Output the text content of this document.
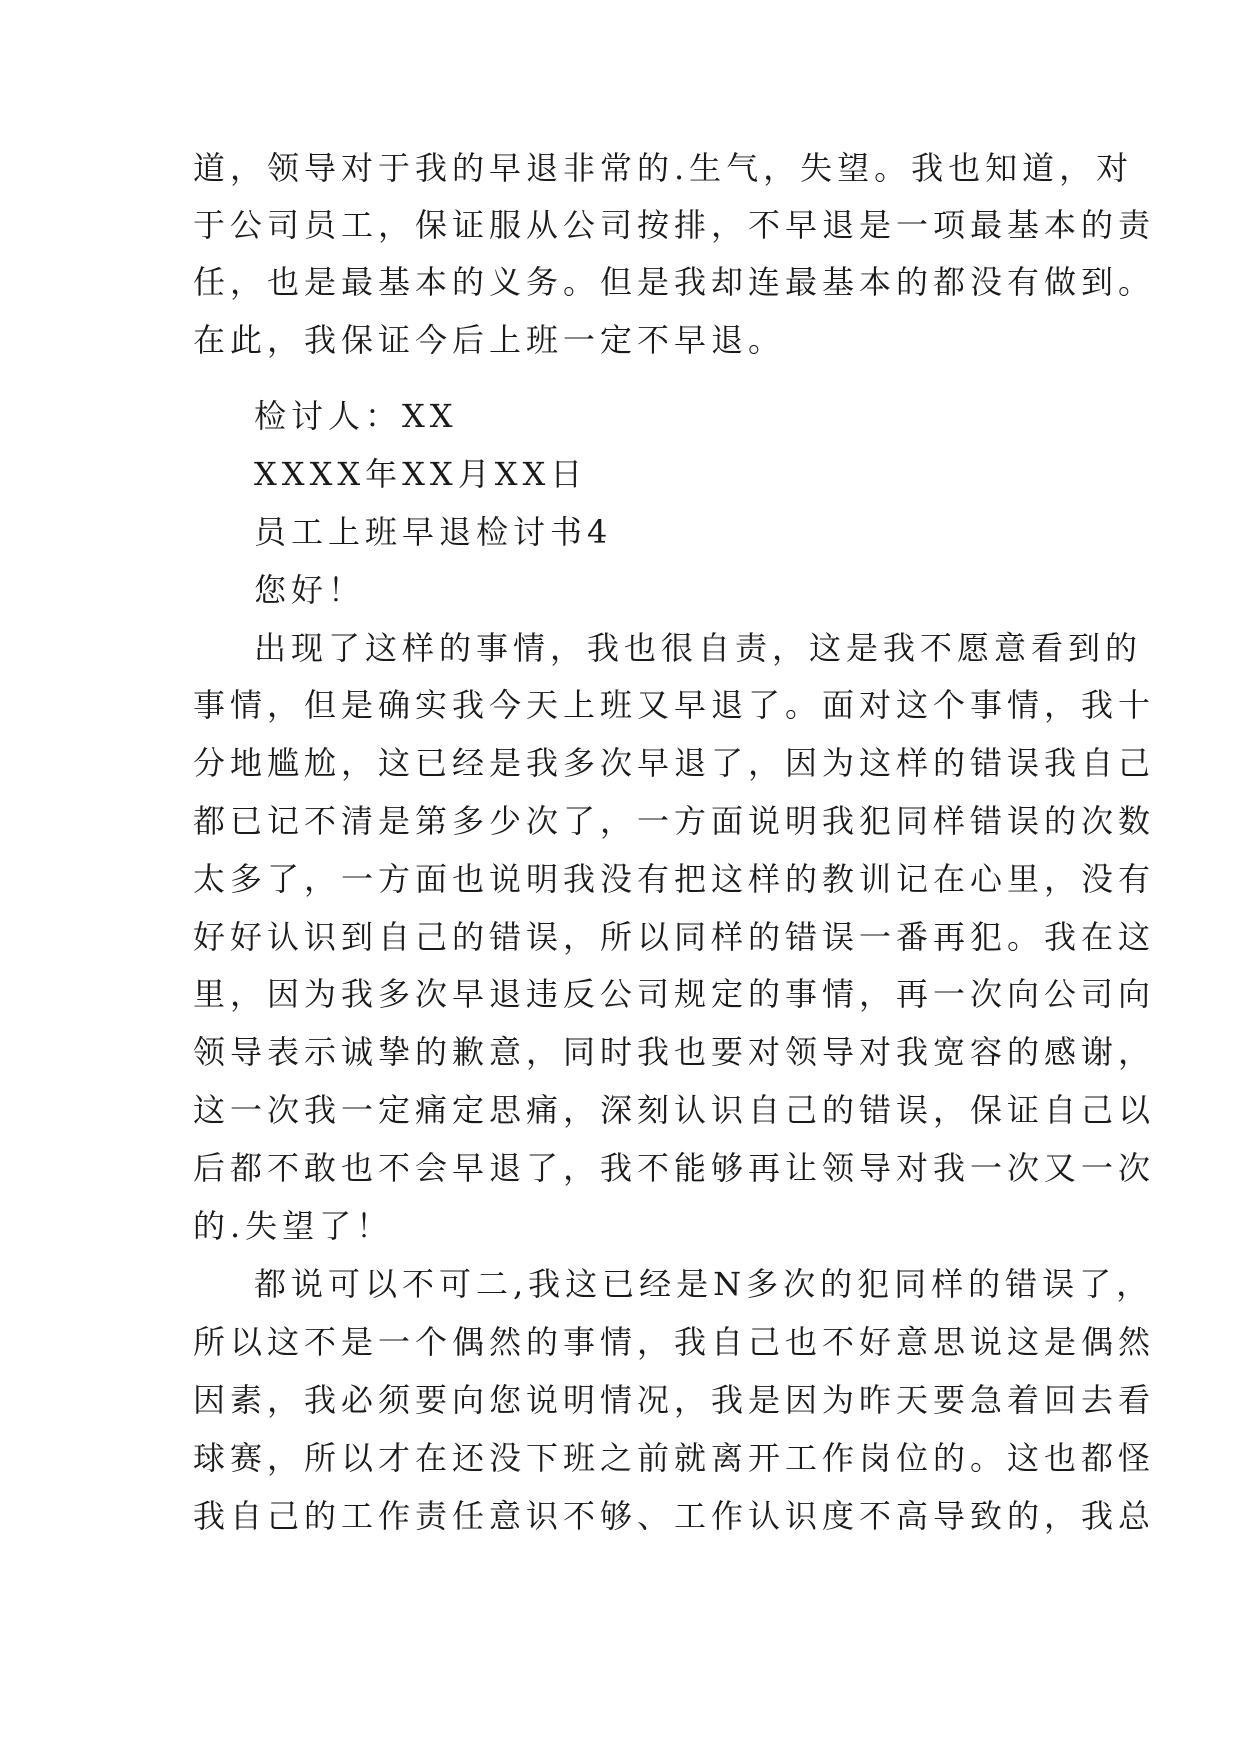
道，领导对于我的早退非常的.生气，失望。我也知道，对
于公司员工，保证服从公司按排，不早退是一项最基本的责
任，也是最基本的义务。但是我却连最基本的都没有做到。
在此，我保证今后上班一定不早退。
检讨人：XX
XXXX年XX月XX日
员工上班早退检讨书4
您好！
出现了这样的事情，我也很自责，这是我不愿意看到的
事情，但是确实我今天上班又早退了。面对这个事情，我十
分地尴尬，这已经是我多次早退了，因为这样的错误我自己
都已记不清是第多少次了，一方面说明我犯同样错误的次数
太多了，一方面也说明我没有把这样的教训记在心里，没有
好好认识到自己的错误，所以同样的错误一番再犯。我在这
里，因为我多次早退违反公司规定的事情，再一次向公司向
领导表示诚挚的歉意，同时我也要对领导对我宽容的感谢，
这一次我一定痛定思痛，深刻认识自己的错误，保证自己以
后都不敢也不会早退了，我不能够再让领导对我一次又一次
的.失望了！
都说可以不可二,我这已经是N多次的犯同样的错误了，
所以这不是一个偶然的事情，我自己也不好意思说这是偶然
因素，我必须要向您说明情况，我是因为昨天要急着回去看
球赛，所以才在还没下班之前就离开工作岗位的。这也都怪
我自己的工作责任意识不够、工作认识度不高导致的，我总
